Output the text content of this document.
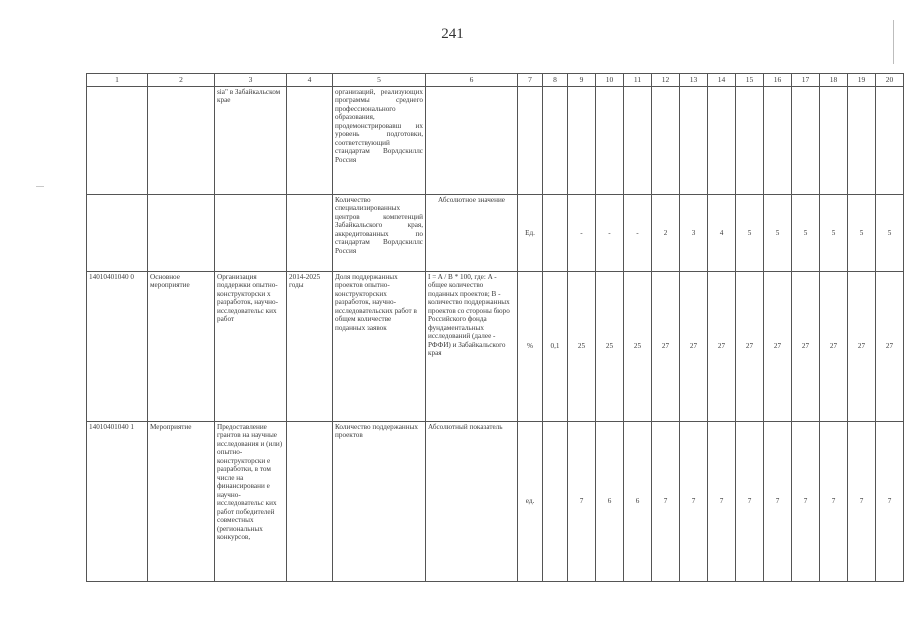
241
1	2	3	4	5	6	7	8	9	10	11	12	13	14	15	16	17	18	19	20
		sia" в Забайкальском крае		организаций, реализующих программы среднего профессионального образования, продемонстрировавш их уровень подготовки, соответствующий стандартам Ворлдскиллс Россия															
				Количество специализированных центров компетенций Забайкальского края, аккредитованных по стандартам Ворлдскиллс Россия	Абсолютное значение	Ед.		-	-	-	2	3	4	5	5	5	5	5	5
14010401040 0	Основное мероприятие	Организация поддержки опытно-конструкторски х разработок, научно-исследовательс ких работ	2014-2025 годы	Доля поддержанных проектов опытно-конструкторских разработок, научно-исследовательских работ в общем количестве поданных заявок	I = A / B * 100, где: A - общее количество поданных проектов; B - количество поддержанных проектов со стороны бюро Российского фонда фундаментальных исследований (далее - РФФИ) и Забайкальского края	%	0,1	25	25	25	27	27	27	27	27	27	27	27	27
14010401040 1	Мероприятие	Предоставление грантов на научные исследования и (или) опытно-конструкторски е разработки, в том числе на финансировани е научно-исследовательс ких работ победителей совместных (региональных конкурсов,		Количество поддержанных проектов	Абсолютный показатель	ед.		7	6	6	7	7	7	7	7	7	7	7	7
